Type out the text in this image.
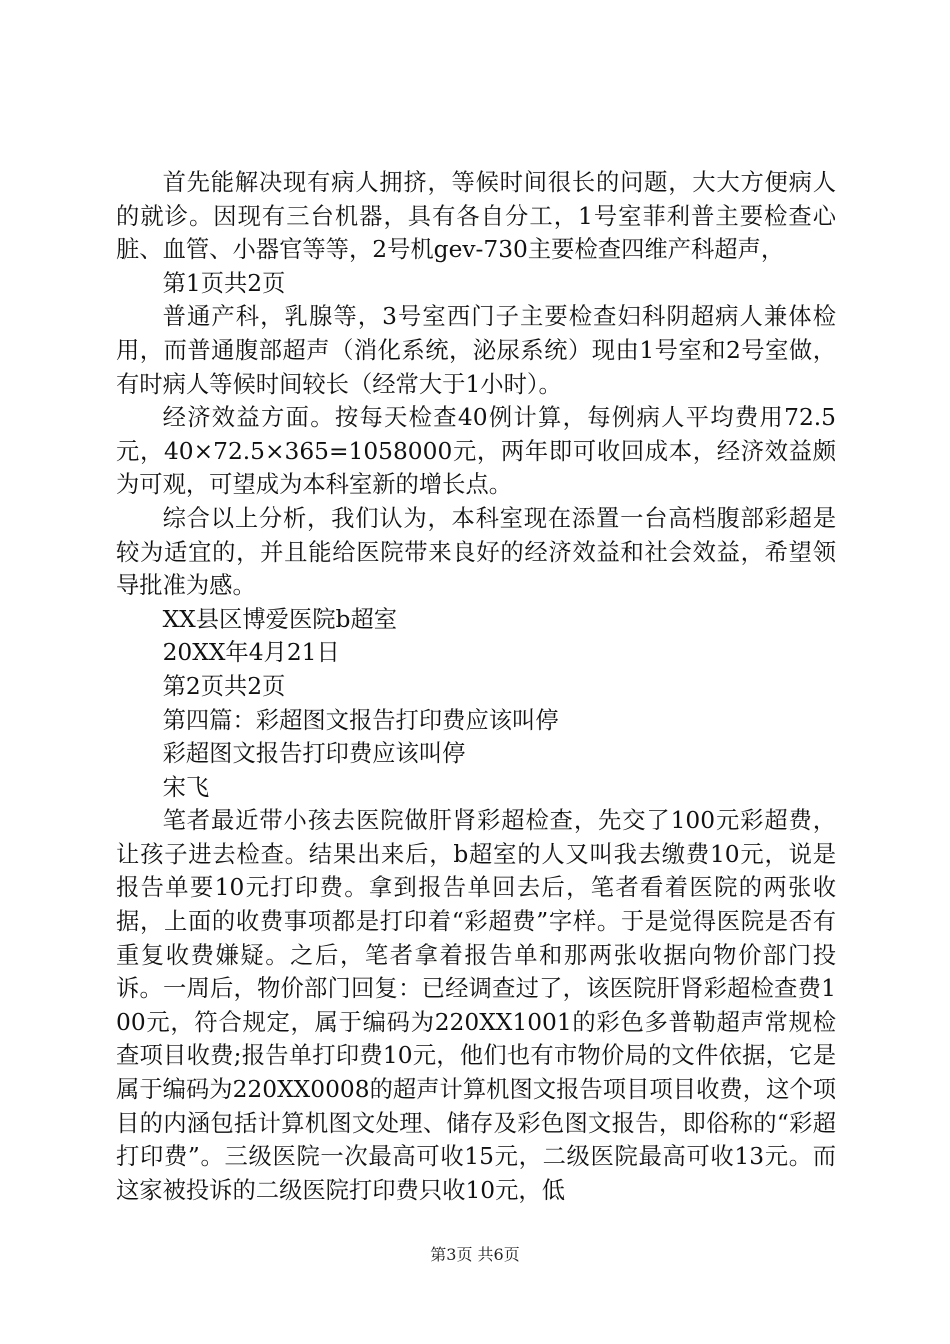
首先能解决现有病人拥挤，等候时间很长的问题，大大方便病人的就诊。因现有三台机器，具有各自分工，1号室菲利普主要检查心脏、血管、小器官等等，2号机gev-730主要检查四维产科超声，

第1页共2页

普通产科，乳腺等，3号室西门子主要检查妇科阴超病人兼体检用，而普通腹部超声（消化系统，泌尿系统）现由1号室和2号室做，有时病人等候时间较长（经常大于1小时）。

经济效益方面。按每天检查40例计算，每例病人平均费用72.5元，40×72.5×365=1058000元，两年即可收回成本，经济效益颇为可观，可望成为本科室新的增长点。

综合以上分析，我们认为，本科室现在添置一台高档腹部彩超是较为适宜的，并且能给医院带来良好的经济效益和社会效益，希望领导批准为感。

XX县区博爱医院b超室

20XX年4月21日

第2页共2页

第四篇：彩超图文报告打印费应该叫停

彩超图文报告打印费应该叫停

宋飞

笔者最近带小孩去医院做肝肾彩超检查，先交了100元彩超费，让孩子进去检查。结果出来后，b超室的人又叫我去缴费10元，说是报告单要10元打印费。拿到报告单回去后，笔者看着医院的两张收据，上面的收费事项都是打印着“彩超费”字样。于是觉得医院是否有重复收费嫌疑。之后，笔者拿着报告单和那两张收据向物价部门投诉。一周后，物价部门回复：已经调查过了，该医院肝肾彩超检查费100元，符合规定，属于编码为220XX1001的彩色多普勒超声常规检查项目收费;报告单打印费10元，他们也有市物价局的文件依据，它是属于编码为220XX0008的超声计算机图文报告项目项目收费，这个项目的内涵包括计算机图文处理、储存及彩色图文报告，即俗称的“彩超打印费”。三级医院一次最高可收15元，二级医院最高可收13元。而这家被投诉的二级医院打印费只收10元，低

第3页 共6页
